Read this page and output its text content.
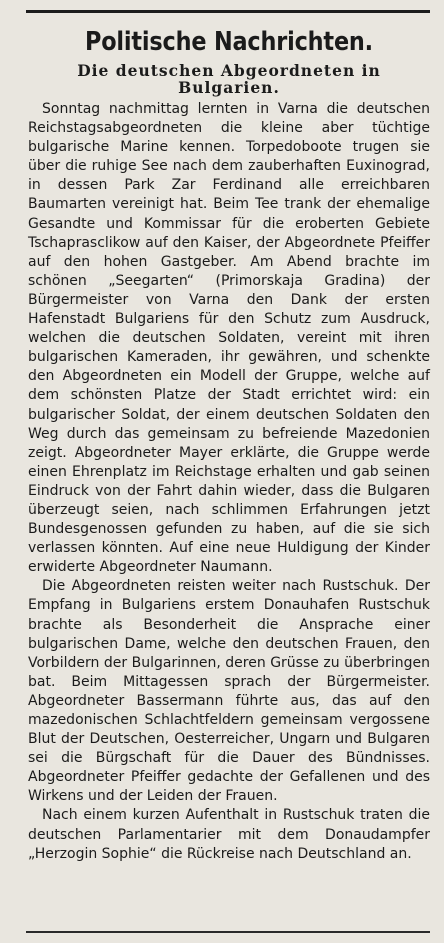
Politische Nachrichten.
Die deutschen Abgeordneten in Bulgarien.

Sonntag nachmittag lernten in Varna die deutschen Reichstagsabgeordneten die kleine aber tüchtige bulgarische Marine kennen. Torpedoboote trugen sie über die ruhige See nach dem zauberhaften Euxinograd, in dessen Park Zar Ferdinand alle erreichbaren Baumarten vereinigt hat. Beim Tee trank der ehemalige Gesandte und Kommissar für die eroberten Gebiete Tschaprasclikow auf den Kaiser, der Abgeordnete Pfeiffer auf den hohen Gastgeber. Am Abend brachte im schönen „Seegarten“ (Primorskaja Gradina) der Bürgermeister von Varna den Dank der ersten Hafenstadt Bulgariens für den Schutz zum Ausdruck, welchen die deutschen Soldaten, vereint mit ihren bulgarischen Kameraden, ihr gewähren, und schenkte den Abgeordneten ein Modell der Gruppe, welche auf dem schönsten Platze der Stadt errichtet wird: ein bulgarischer Soldat, der einem deutschen Soldaten den Weg durch das gemeinsam zu befreiende Mazedonien zeigt. Abgeordneter Mayer erklärte, die Gruppe werde einen Ehrenplatz im Reichstage erhalten und gab seinen Eindruck von der Fahrt dahin wieder, dass die Bulgaren überzeugt seien, nach schlimmen Erfahrungen jetzt Bundesgenossen gefunden zu haben, auf die sie sich verlassen könnten. Auf eine neue Huldigung der Kinder erwiderte Abgeordneter Naumann.

Die Abgeordneten reisten weiter nach Rustschuk. Der Empfang in Bulgariens erstem Donauhafen Rustschuk brachte als Besonderheit die Ansprache einer bulgarischen Dame, welche den deutschen Frauen, den Vorbildern der Bulgarinnen, deren Grüsse zu überbringen bat. Beim Mittagessen sprach der Bürgermeister. Abgeordneter Bassermann führte aus, das auf den mazedonischen Schlachtfeldern gemeinsam vergossene Blut der Deutschen, Oesterreicher, Ungarn und Bulgaren sei die Bürgschaft für die Dauer des Bündnisses. Abgeordneter Pfeiffer gedachte der Gefallenen und des Wirkens und der Leiden der Frauen.

Nach einem kurzen Aufenthalt in Rustschuk traten die deutschen Parlamentarier mit dem Donaudampfer „Herzogin Sophie“ die Rückreise nach Deutschland an.
